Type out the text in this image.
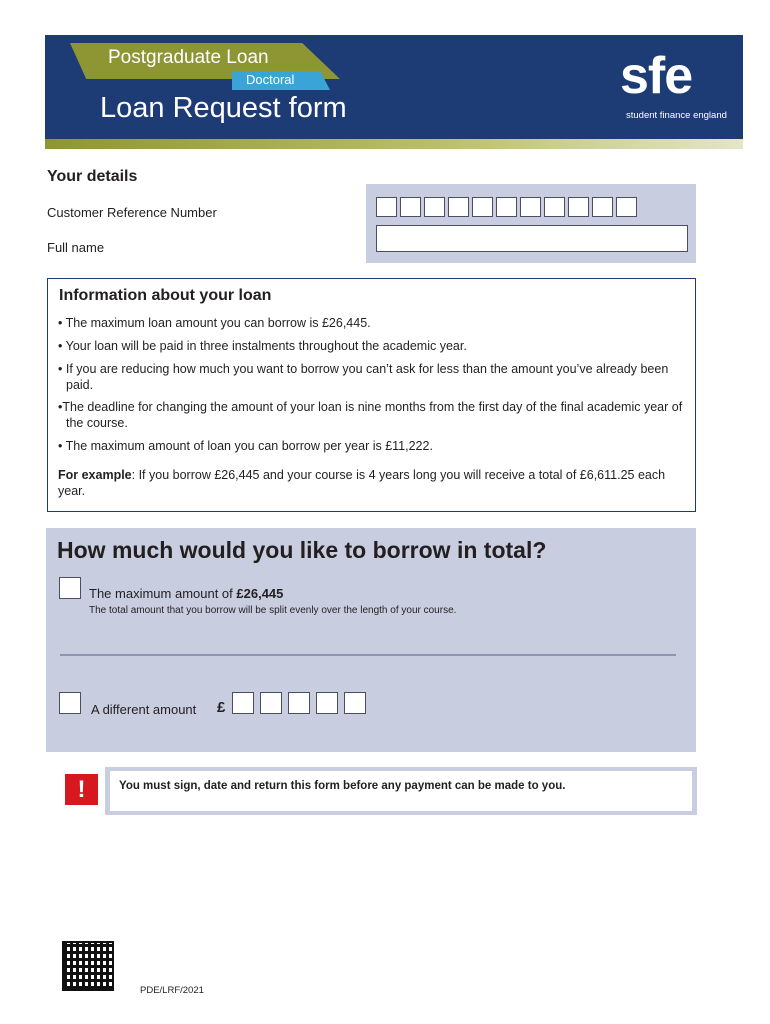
Postgraduate Loan
Doctoral
Loan Request form
sfe
student finance england
Your details
Customer Reference Number
Full name
Information about your loan
• The maximum loan amount you can borrow is £26,445.
• Your loan will be paid in three instalments throughout the academic year.
• If you are reducing how much you want to borrow you can’t ask for less than the amount you’ve already been paid.
•The deadline for changing the amount of your loan is nine months from the first day of the final academic year of the course.
• The maximum amount of loan you can borrow per year is £11,222.
For example: If you borrow £26,445 and your course is 4 years long you will receive a total of £6,611.25 each year.
How much would you like to borrow in total?
The maximum amount of £26,445
The total amount that you borrow will be split evenly over the length of your course.
A different amount £
!	You must sign, date and return this form before any payment can be made to you.
PDE/LRF/2021
